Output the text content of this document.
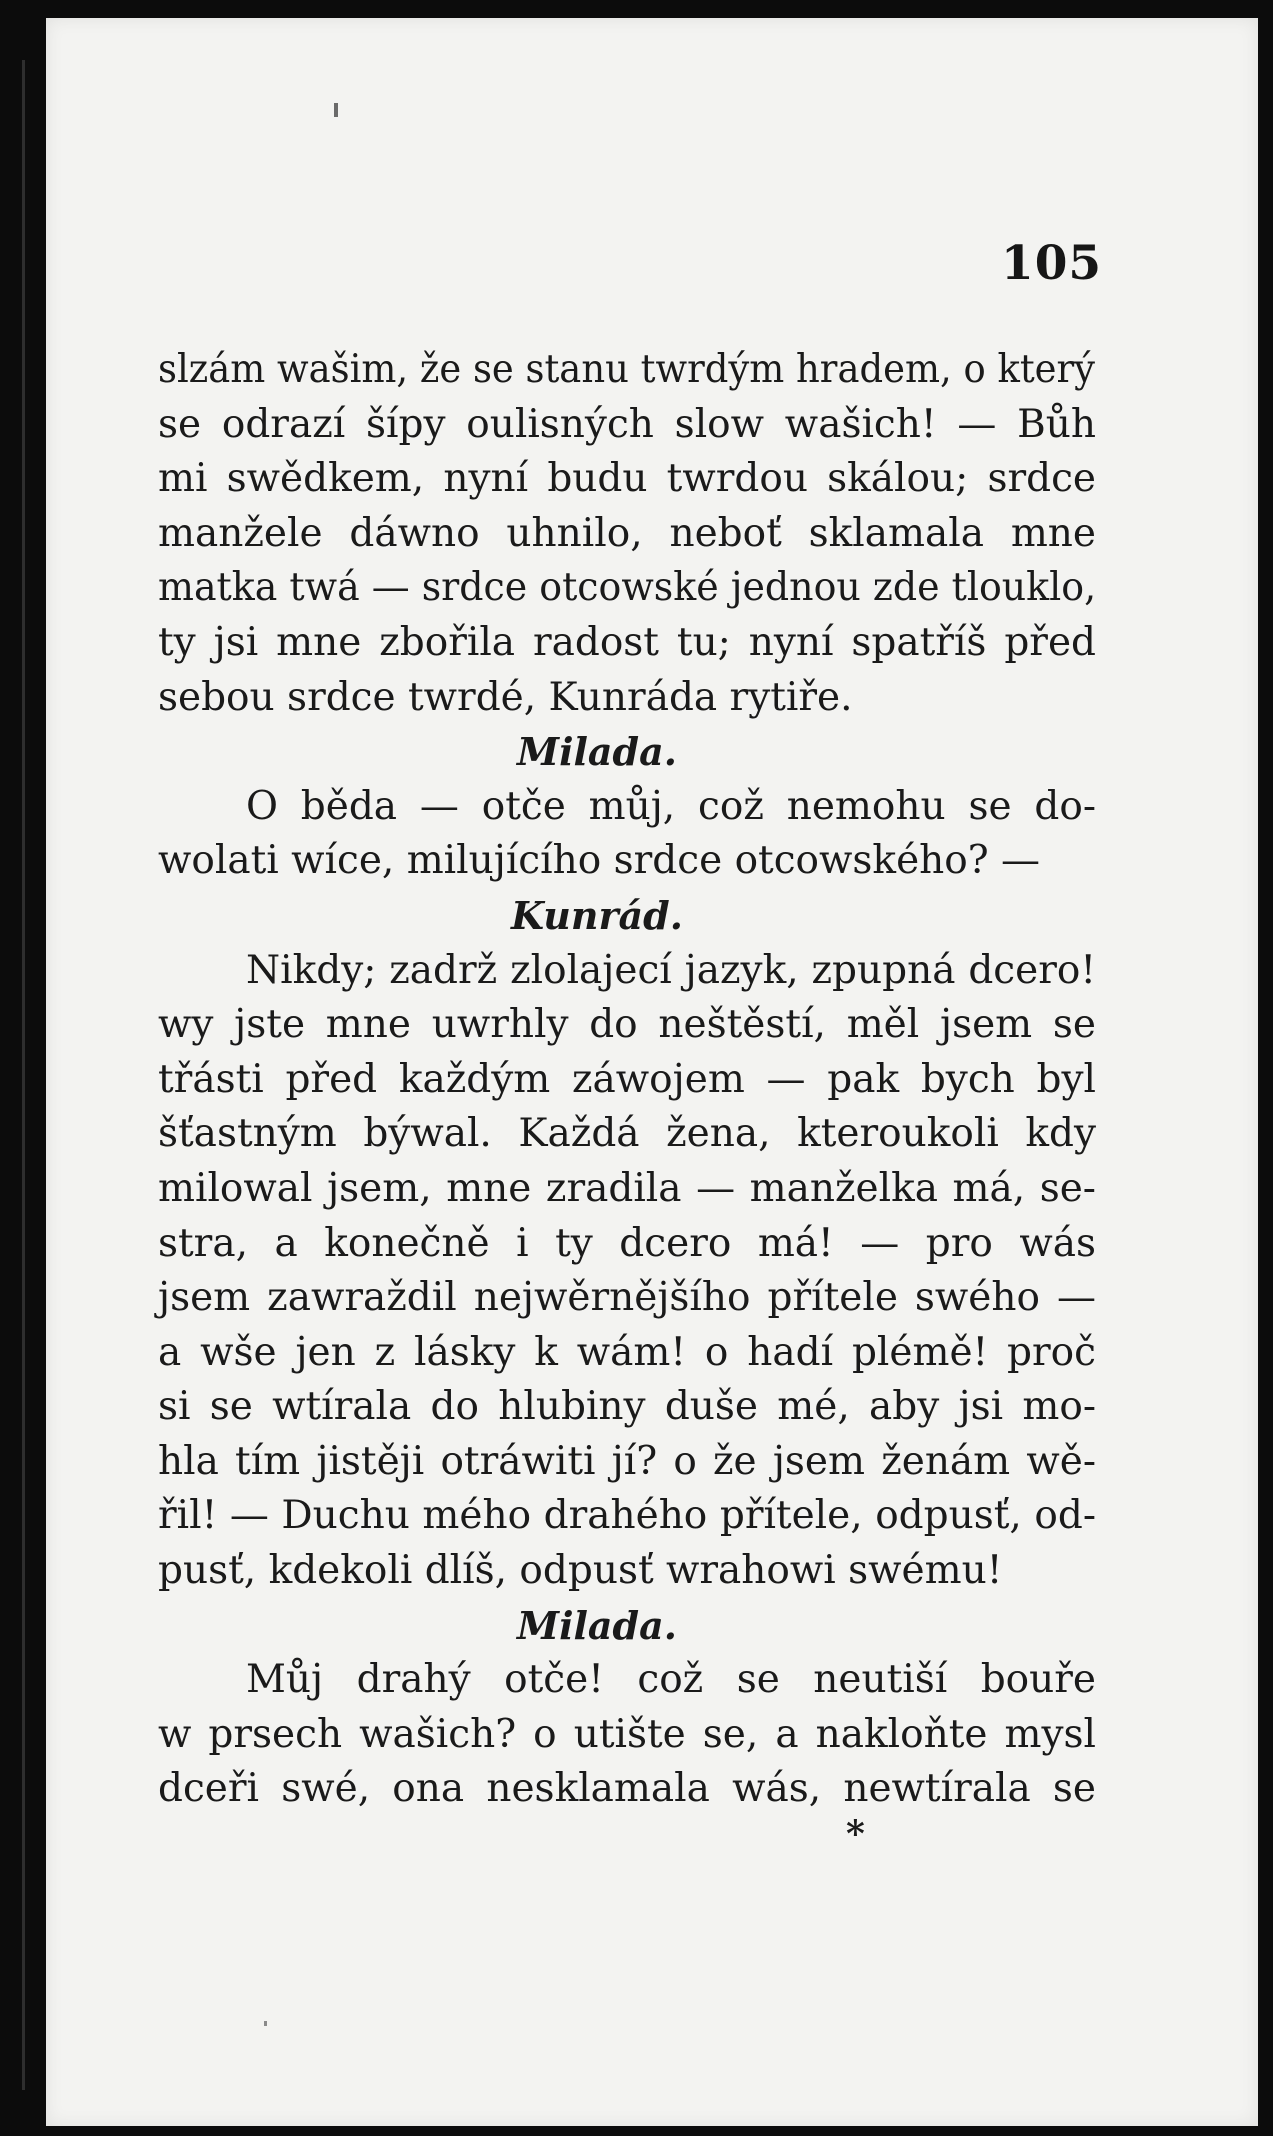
105
slzám wašim, že se stanu twrdým hradem, o který
se odrazí šípy oulisných slow wašich! — Bůh
mi swědkem, nyní budu twrdou skálou; srdce
manžele dáwno uhnilo, neboť sklamala mne
matka twá — srdce otcowské jednou zde tlouklo,
ty jsi mne zbořila radost tu; nyní spatříš před
sebou srdce twrdé, Kunráda rytiře.
Milada.
O běda — otče můj, což nemohu se do-
wolati wíce, milujícího srdce otcowského? —
Kunrád.
Nikdy; zadrž zlolajecí jazyk, zpupná dcero!
wy jste mne uwrhly do neštěstí, měl jsem se
třásti před každým záwojem — pak bych byl
šťastným býwal. Každá žena, kteroukoli kdy
milowal jsem, mne zradila — manželka má, se-
stra, a konečně i ty dcero má! — pro wás
jsem zawraždil nejwěrnějšího přítele swého —
a wše jen z lásky k wám! o hadí plémě! proč
si se wtírala do hlubiny duše mé, aby jsi mo-
hla tím jistěji otráwiti jí? o že jsem ženám wě-
řil! — Duchu mého drahého přítele, odpusť, od-
pusť, kdekoli dlíš, odpusť wrahowi swému!
Milada.
Můj drahý otče! což se neutiší bouře
w prsech wašich? o utište se, a nakloňte mysl
dceři swé, ona nesklamala wás, newtírala se
*
